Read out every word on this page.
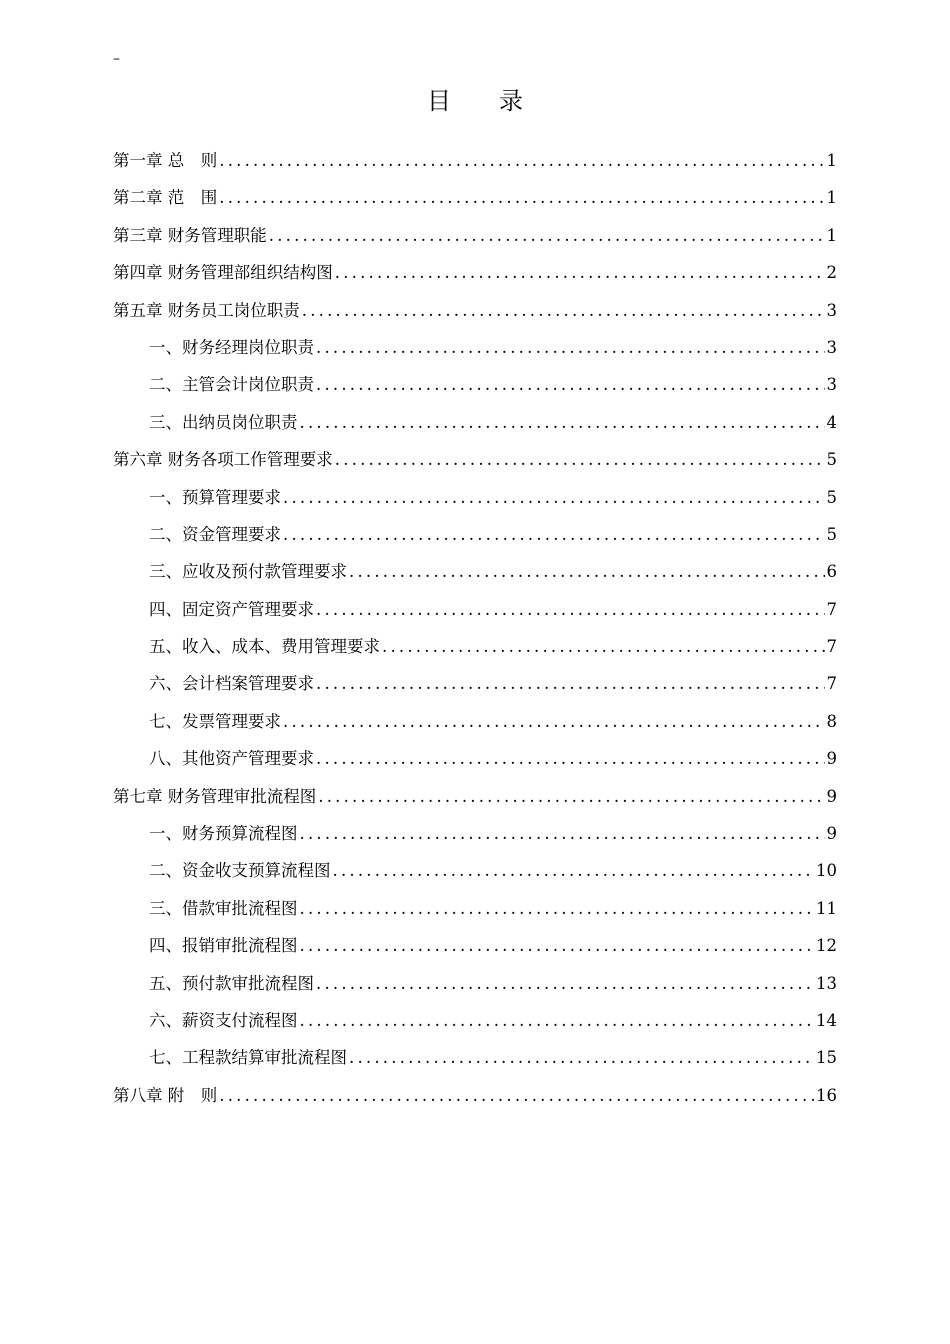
–
目　　录
第一章 总　则 .....	1
第二章 范　围 .....	1
第三章 财务管理职能 .....	1
第四章 财务管理部组织结构图 .....	2
第五章 财务员工岗位职责 .....	3
一、财务经理岗位职责 .....	3
二、主管会计岗位职责 .....	3
三、出纳员岗位职责 .....	4
第六章 财务各项工作管理要求 .....	5
一、预算管理要求 .....	5
二、资金管理要求 .....	5
三、应收及预付款管理要求 .....	6
四、固定资产管理要求 .....	7
五、收入、成本、费用管理要求 .....	7
六、会计档案管理要求 .....	7
七、发票管理要求 .....	8
八、其他资产管理要求 .....	9
第七章 财务管理审批流程图 .....	9
一、财务预算流程图 .....	9
二、资金收支预算流程图 .....	10
三、借款审批流程图 .....	11
四、报销审批流程图 .....	12
五、预付款审批流程图 .....	13
六、薪资支付流程图 .....	14
七、工程款结算审批流程图 .....	15
第八章 附　则 .....	16
